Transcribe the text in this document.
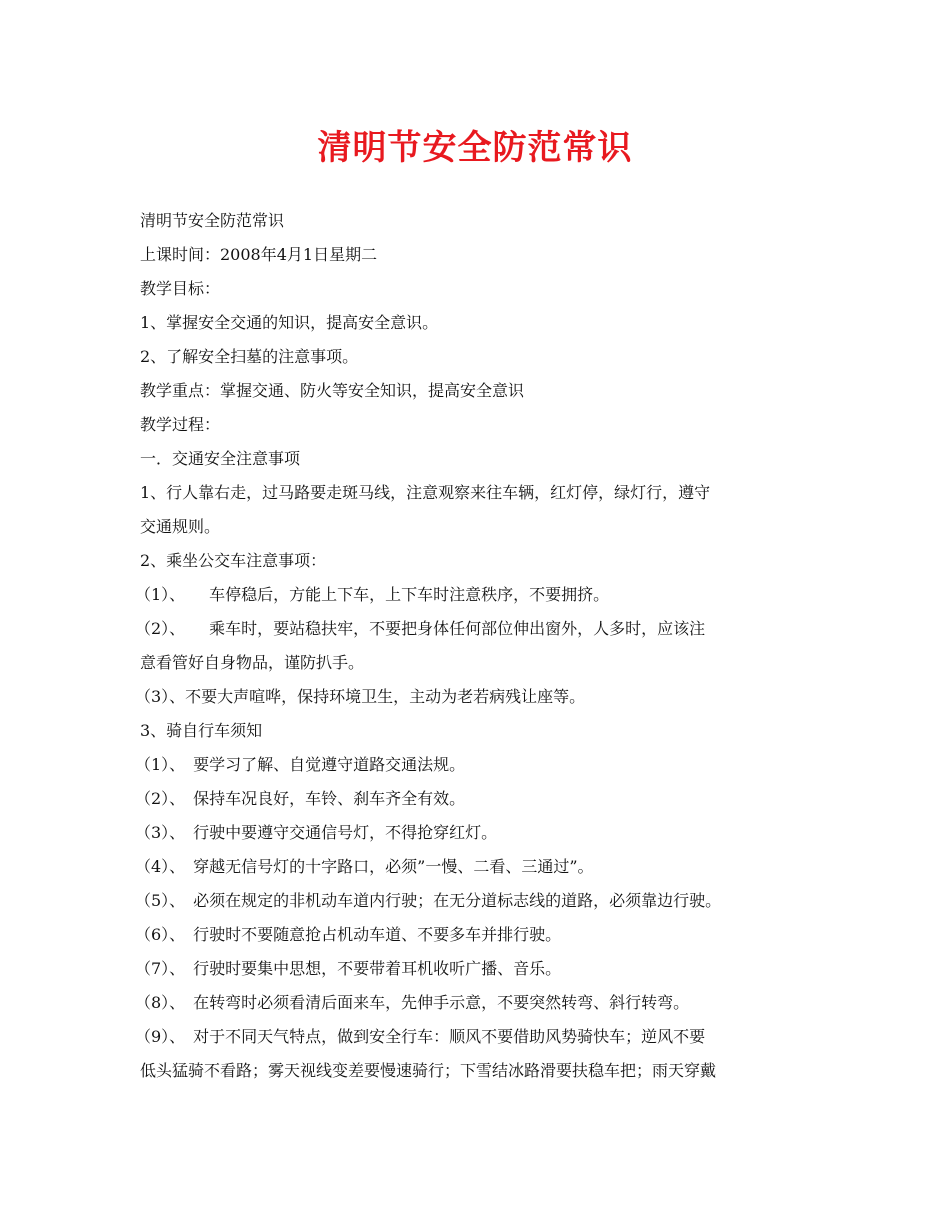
清明节安全防范常识
清明节安全防范常识
上课时间：2008年4月1日星期二
教学目标：
1、掌握安全交通的知识，提高安全意识。
2、了解安全扫墓的注意事项。
教学重点：掌握交通、防火等安全知识，提高安全意识
教学过程：
一．交通安全注意事项
1、行人靠右走，过马路要走斑马线，注意观察来往车辆，红灯停，绿灯行，遵守
交通规则。
2、乘坐公交车注意事项：
（1）、　　车停稳后，方能上下车，上下车时注意秩序，不要拥挤。
（2）、　　乘车时，要站稳扶牢，不要把身体任何部位伸出窗外，人多时，应该注
意看管好自身物品，谨防扒手。
（3）、不要大声喧哗，保持环境卫生，主动为老若病残让座等。
3、骑自行车须知
（1）、　要学习了解、自觉遵守道路交通法规。
（2）、　保持车况良好，车铃、刹车齐全有效。
（3）、　行驶中要遵守交通信号灯，不得抢穿红灯。
（4）、　穿越无信号灯的十字路口，必须”一慢、二看、三通过”。
（5）、　必须在规定的非机动车道内行驶；在无分道标志线的道路，必须靠边行驶。
（6）、　行驶时不要随意抢占机动车道、不要多车并排行驶。
（7）、　行驶时要集中思想，不要带着耳机收听广播、音乐。
（8）、　在转弯时必须看清后面来车，先伸手示意，不要突然转弯、斜行转弯。
（9）、　对于不同天气特点，做到安全行车：顺风不要借助风势骑快车；逆风不要
低头猛骑不看路；雾天视线变差要慢速骑行；下雪结冰路滑要扶稳车把；雨天穿戴
